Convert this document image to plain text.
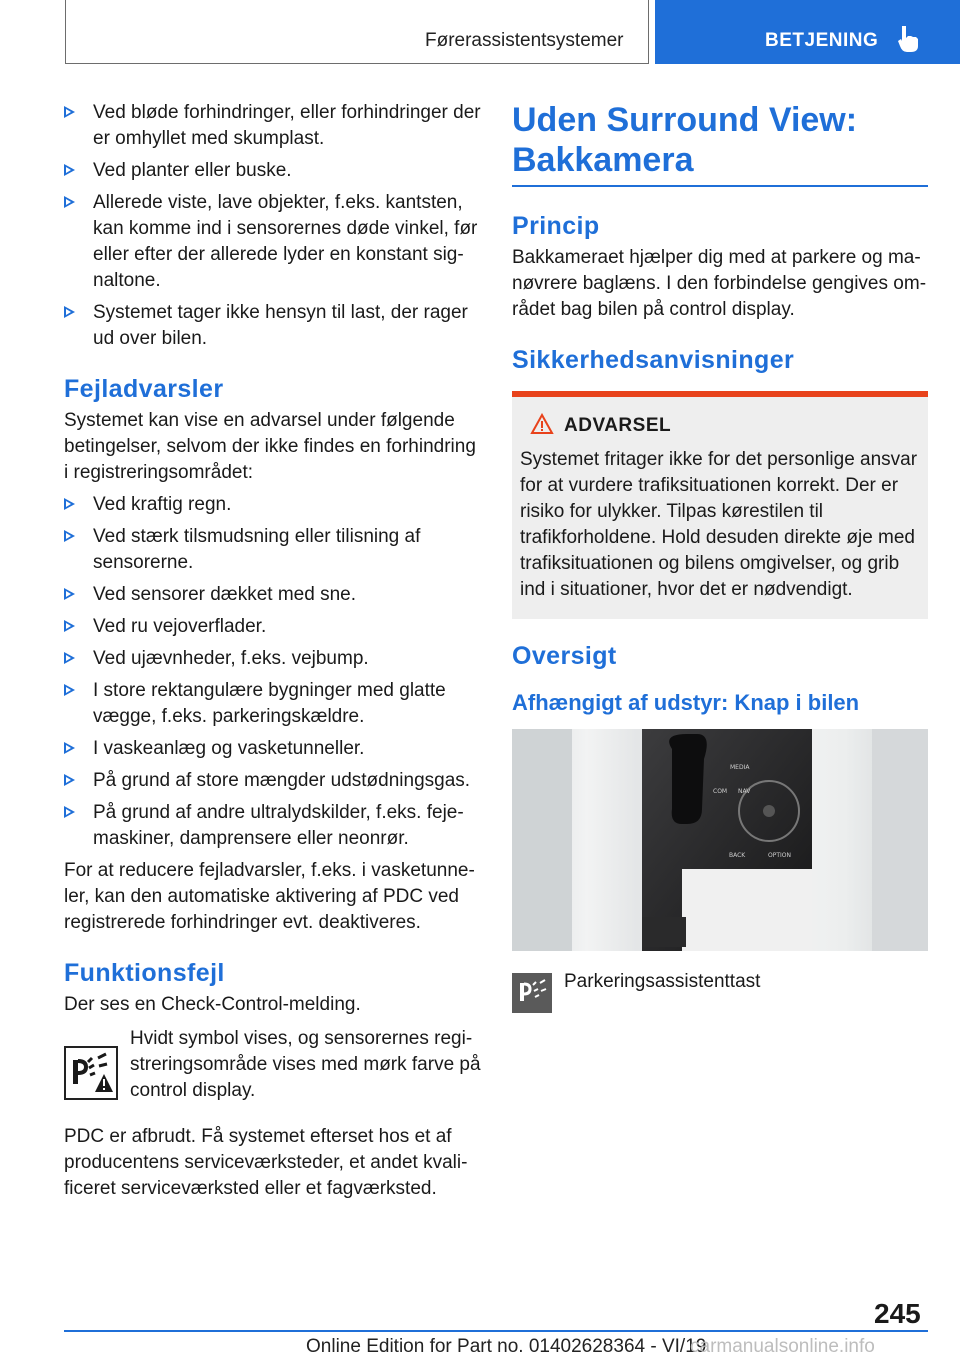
Førerassistentsystemer	BETJENING
Ved bløde forhindringer, eller forhindringer der er omhyllet med skumplast.
Ved planter eller buske.
Allerede viste, lave objekter, f.eks. kantsten, kan komme ind i sensorernes døde vinkel, før eller efter der allerede lyder en konstant signaltone.
Systemet tager ikke hensyn til last, der rager ud over bilen.
Fejladvarsler
Systemet kan vise en advarsel under følgende betingelser, selvom der ikke findes en forhindring i registreringsområdet:
Ved kraftig regn.
Ved stærk tilsmudsning eller tilisning af sensorerne.
Ved sensorer dækket med sne.
Ved ru vejoverflader.
Ved ujævnheder, f.eks. vejbump.
I store rektangulære bygninger med glatte vægge, f.eks. parkeringskældre.
I vaskeanlæg og vasketunneller.
På grund af store mængder udstødningsgas.
På grund af andre ultralydskilder, f.eks. fejemaskiner, damprensere eller neonrør.
For at reducere fejladvarsler, f.eks. i vasketunneler, kan den automatiske aktivering af PDC ved registrerede forhindringer evt. deaktiveres.
Funktionsfejl
Der ses en Check-Control-melding.
Hvidt symbol vises, og sensorernes registreringsområde vises med mørk farve på control display.
PDC er afbrudt. Få systemet efterset hos et af producentens serviceværksteder, et andet kvalificeret serviceværksted eller et fagværksted.
Uden Surround View: Bakkamera
Princip
Bakkameraet hjælper dig med at parkere og manøvrere baglæns. I den forbindelse gengives området bag bilen på control display.
Sikkerhedsanvisninger
ADVARSEL
Systemet fritager ikke for det personlige ansvar for at vurdere trafiksituationen korrekt. Der er risiko for ulykker. Tilpas kørestilen til trafikforholdene. Hold desuden direkte øje med trafiksituationen og bilens omgivelser, og grib ind i situationer, hvor det er nødvendigt.
Oversigt
Afhængigt af udstyr: Knap i bilen
MEDIA
COM NAV
BACK	OPTION
Parkeringsassistenttast
245
Online Edition for Part no. 01402628364 - VI/19
carmanualsonline.info
